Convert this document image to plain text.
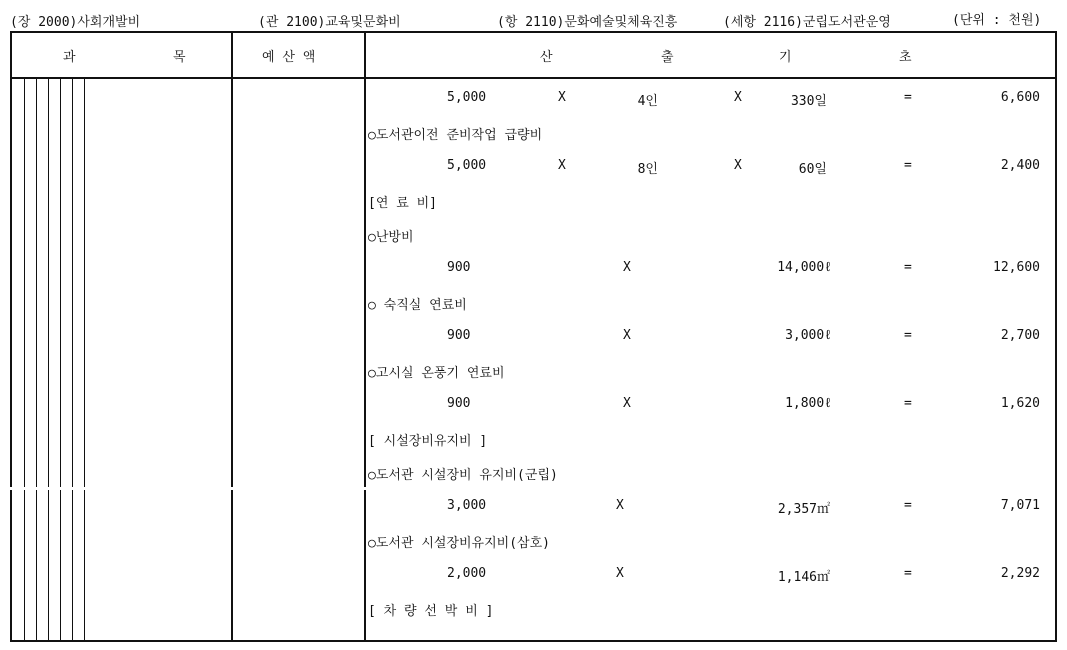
(장 2000)사회개발비	(관 2100)교육및문화비	(항 2110)문화예술및체육진흥	(세항 2116)군립도서관운영	(단위 : 천원)
과	목	예 산 액	산	출	기	초
5,000	X	4인	X	330일	=	6,600
○도서관이전 준비작업 급량비
5,000	X	8인	X	60일	=	2,400
[연 료 비]
○난방비
900	X	14,000ℓ	=	12,600
○ 숙직실 연료비
900	X	3,000ℓ	=	2,700
○고시실 온풍기 연료비
900	X	1,800ℓ	=	1,620
[ 시설장비유지비 ]
○도서관 시설장비 유지비(군립)
3,000	X	2,357㎡	=	7,071
○도서관 시설장비유지비(삼호)
2,000	X	1,146㎡	=	2,292
[ 차 량 선 박 비 ]
